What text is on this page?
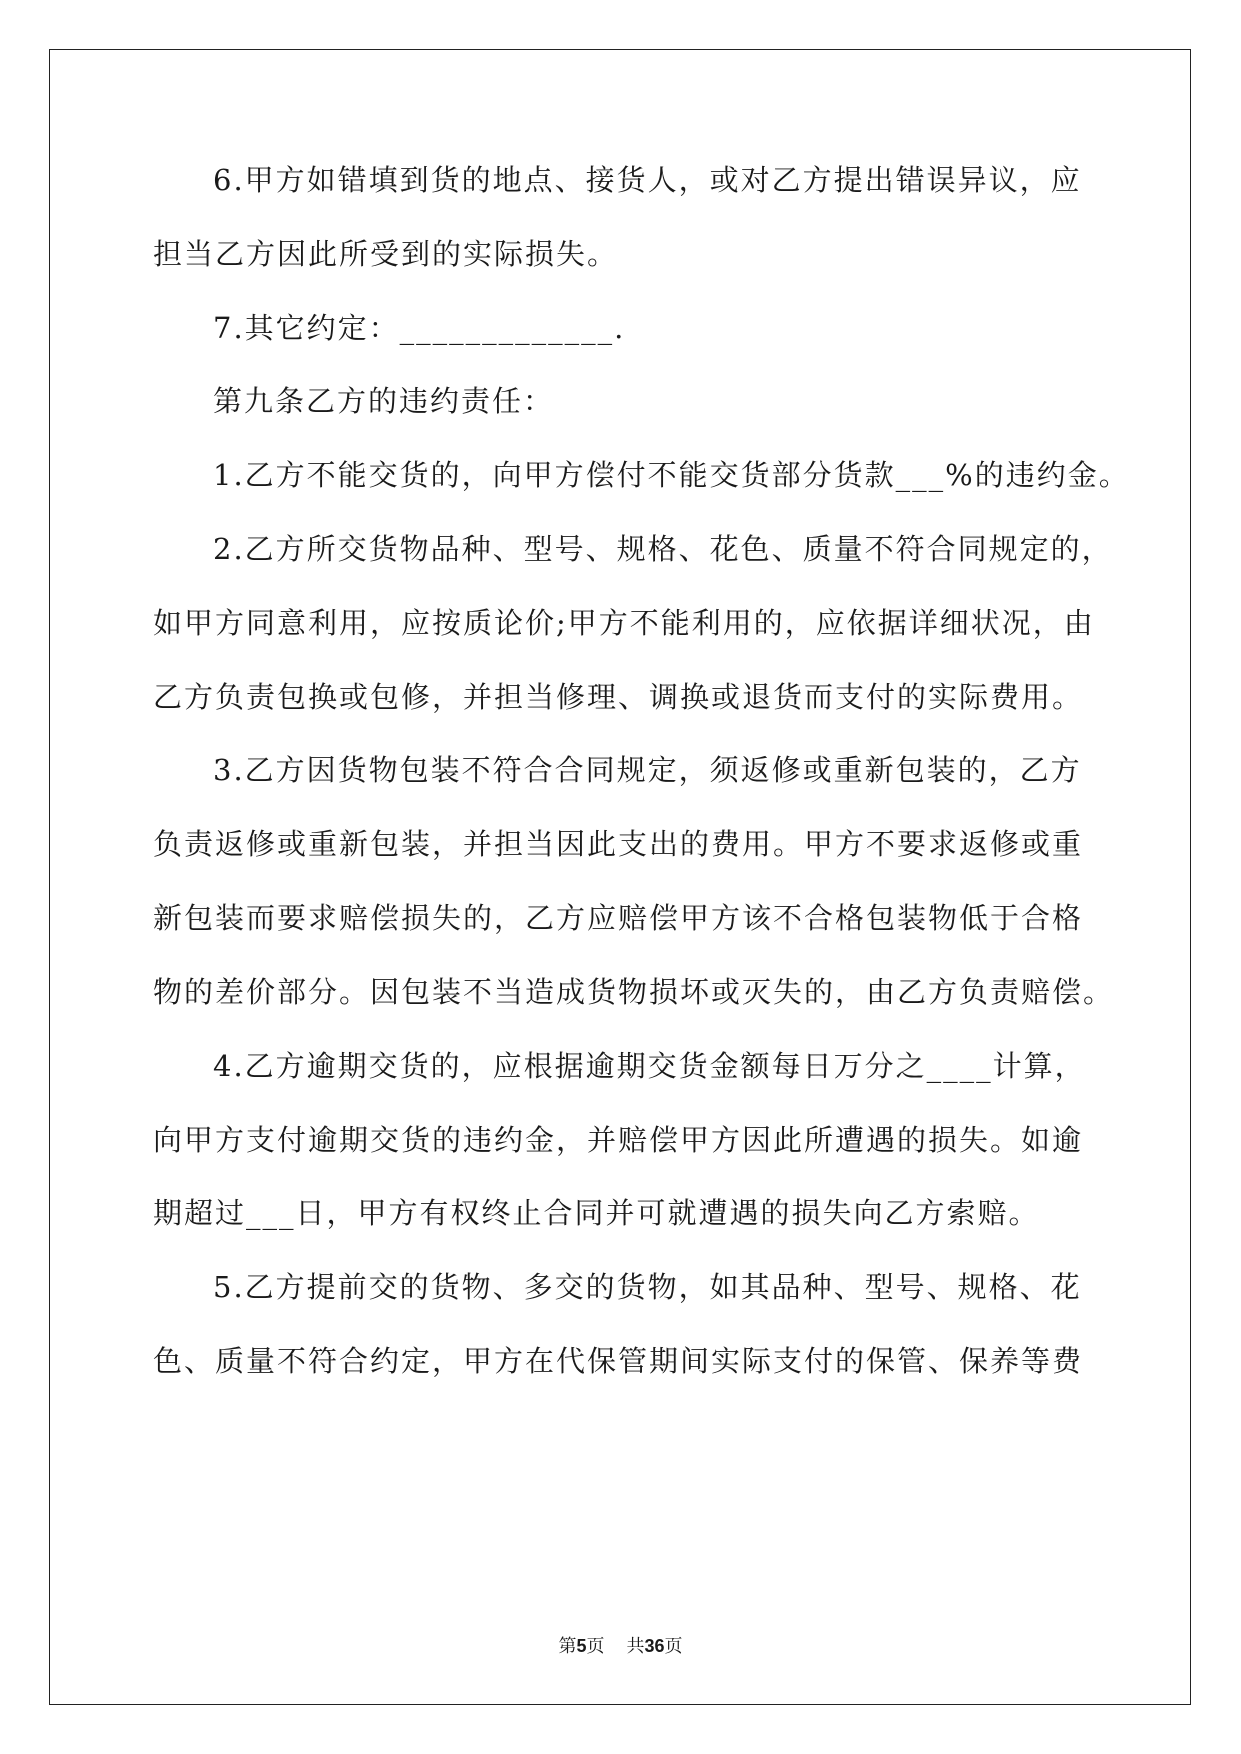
6.甲方如错填到货的地点、接货人，或对乙方提出错误异议，应
担当乙方因此所受到的实际损失。
7.其它约定：_____________.
第九条乙方的违约责任：
1.乙方不能交货的，向甲方偿付不能交货部分货款___%的违约金。
2.乙方所交货物品种、型号、规格、花色、质量不符合同规定的，
如甲方同意利用，应按质论价;甲方不能利用的，应依据详细状况，由
乙方负责包换或包修，并担当修理、调换或退货而支付的实际费用。
3.乙方因货物包装不符合合同规定，须返修或重新包装的，乙方
负责返修或重新包装，并担当因此支出的费用。甲方不要求返修或重
新包装而要求赔偿损失的，乙方应赔偿甲方该不合格包装物低于合格
物的差价部分。因包装不当造成货物损坏或灭失的，由乙方负责赔偿。
4.乙方逾期交货的，应根据逾期交货金额每日万分之____计算，
向甲方支付逾期交货的违约金，并赔偿甲方因此所遭遇的损失。如逾
期超过___日，甲方有权终止合同并可就遭遇的损失向乙方索赔。
5.乙方提前交的货物、多交的货物，如其品种、型号、规格、花
色、质量不符合约定，甲方在代保管期间实际支付的保管、保养等费
第5页 共36页
